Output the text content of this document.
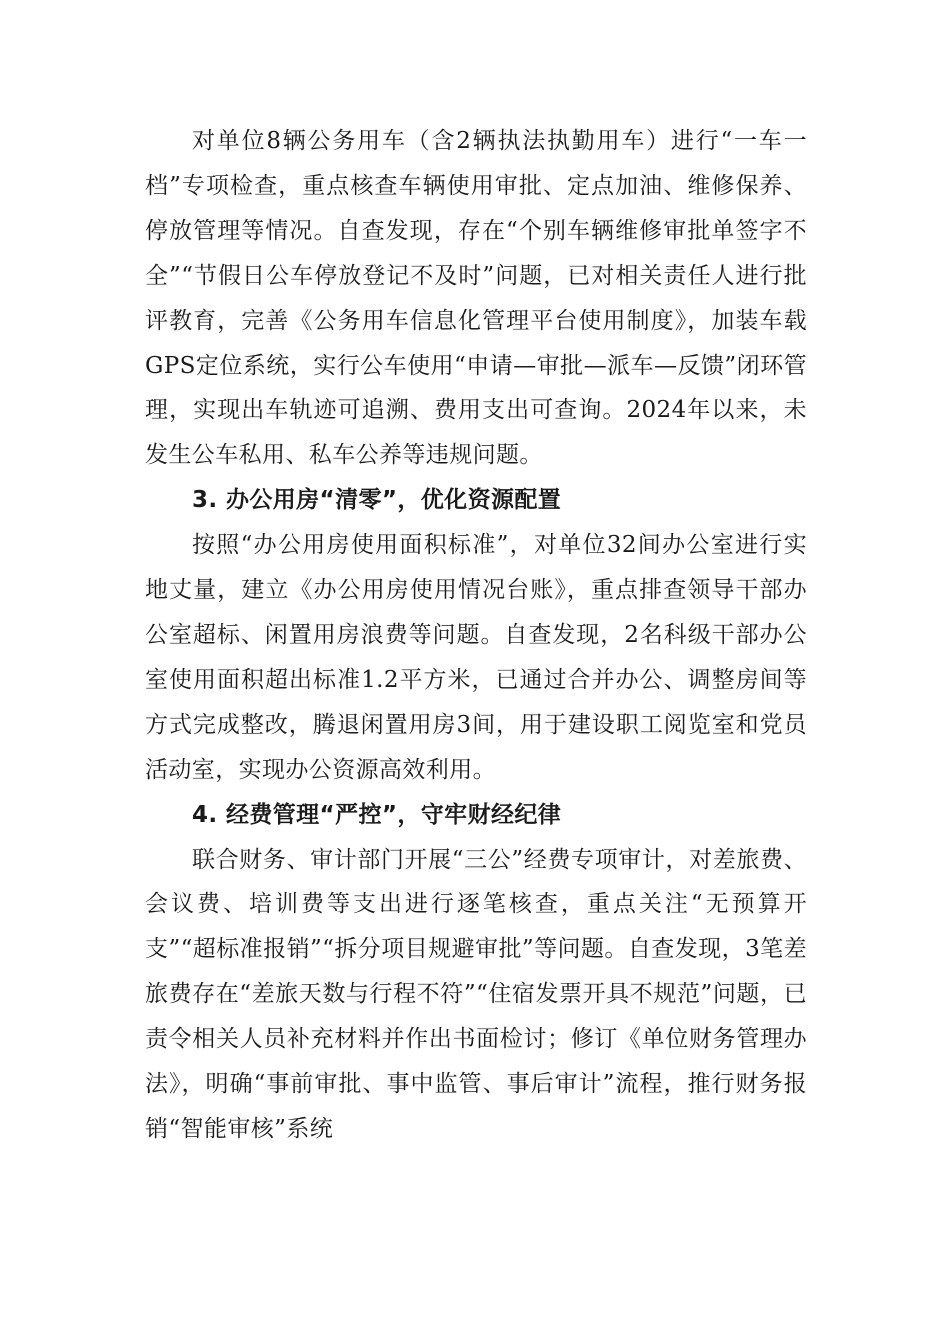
对单位8辆公务用车（含2辆执法执勤用车）进行“一车一档”专项检查，重点核查车辆使用审批、定点加油、维修保养、停放管理等情况。自查发现，存在“个别车辆维修审批单签字不全”“节假日公车停放登记不及时”问题，已对相关责任人进行批评教育，完善《公务用车信息化管理平台使用制度》，加装车载GPS定位系统，实行公车使用“申请—审批—派车—反馈”闭环管理，实现出车轨迹可追溯、费用支出可查询。2024年以来，未发生公车私用、私车公养等违规问题。

3. 办公用房“清零”，优化资源配置

按照“办公用房使用面积标准”，对单位32间办公室进行实地丈量，建立《办公用房使用情况台账》，重点排查领导干部办公室超标、闲置用房浪费等问题。自查发现，2名科级干部办公室使用面积超出标准1.2平方米，已通过合并办公、调整房间等方式完成整改，腾退闲置用房3间，用于建设职工阅览室和党员活动室，实现办公资源高效利用。

4. 经费管理“严控”，守牢财经纪律

联合财务、审计部门开展“三公”经费专项审计，对差旅费、会议费、培训费等支出进行逐笔核查，重点关注“无预算开支”“超标准报销”“拆分项目规避审批”等问题。自查发现，3笔差旅费存在“差旅天数与行程不符”“住宿发票开具不规范”问题，已责令相关人员补充材料并作出书面检讨；修订《单位财务管理办法》，明确“事前审批、事中监管、事后审计”流程，推行财务报销“智能审核”系统
